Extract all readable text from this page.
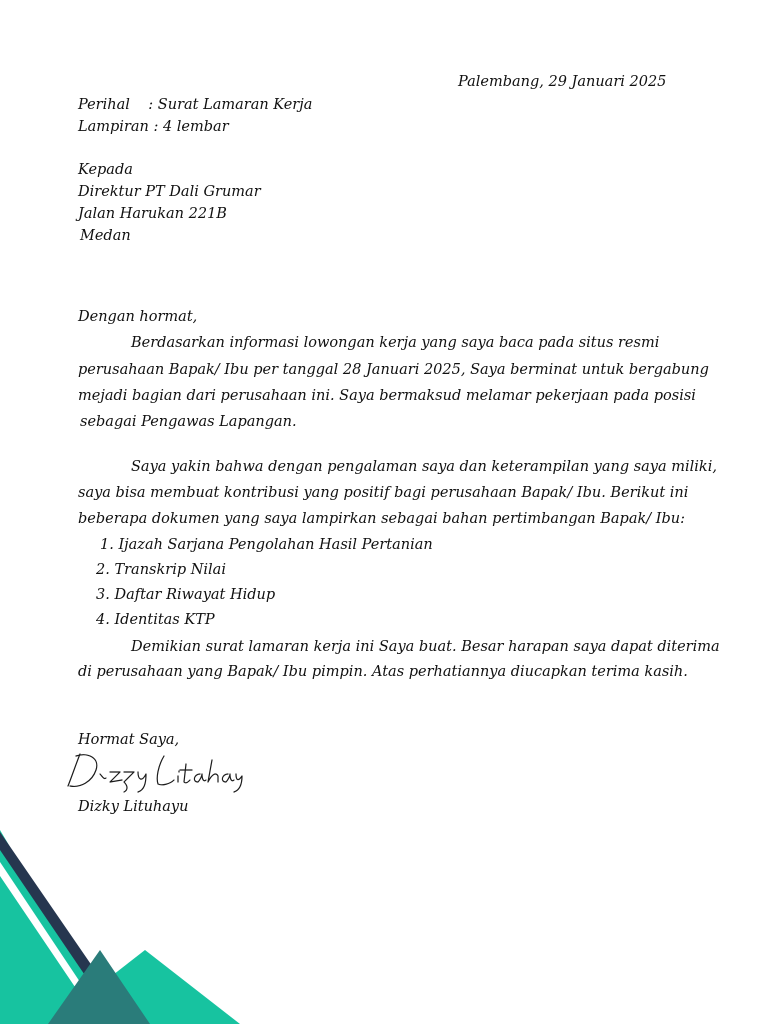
Palembang, 29 Januari 2025
Perihal    : Surat Lamaran Kerja
Lampiran : 4 lembar
Kepada
Direktur PT Dali Grumar
Jalan Harukan 221B
Medan
Dengan hormat,
Berdasarkan informasi lowongan kerja yang saya baca pada situs resmi
perusahaan Bapak/ Ibu per tanggal 28 Januari 2025, Saya berminat untuk bergabung
mejadi bagian dari perusahaan ini. Saya bermaksud melamar pekerjaan pada posisi
sebagai Pengawas Lapangan.
Saya yakin bahwa dengan pengalaman saya dan keterampilan yang saya miliki,
saya bisa membuat kontribusi yang positif bagi perusahaan Bapak/ Ibu. Berikut ini
beberapa dokumen yang saya lampirkan sebagai bahan pertimbangan Bapak/ Ibu:
1. Ijazah Sarjana Pengolahan Hasil Pertanian
2. Transkrip Nilai
3. Daftar Riwayat Hidup
4. Identitas KTP
Demikian surat lamaran kerja ini Saya buat. Besar harapan saya dapat diterima
di perusahaan yang Bapak/ Ibu pimpin. Atas perhatiannya diucapkan terima kasih.
Hormat Saya,
Dizky Lituhayu
